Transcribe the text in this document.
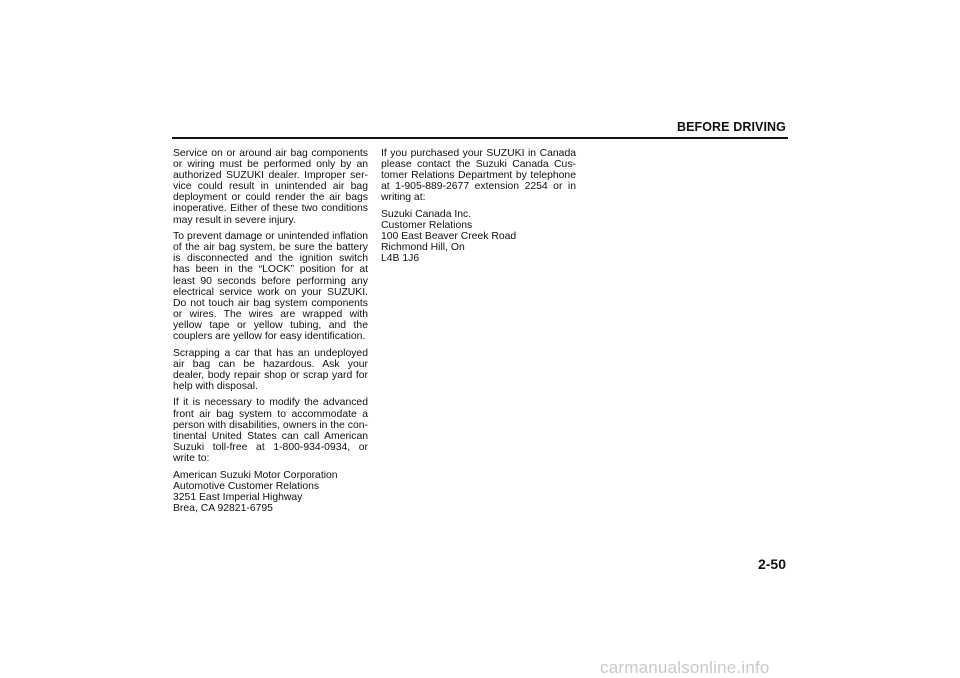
BEFORE DRIVING

Service on or around air bag components or wiring must be performed only by an authorized SUZUKI dealer. Improper service could result in unintended air bag deployment or could render the air bags inoperative. Either of these two conditions may result in severe injury.

To prevent damage or unintended inflation of the air bag system, be sure the battery is disconnected and the ignition switch has been in the “LOCK” position for at least 90 seconds before performing any electrical service work on your SUZUKI. Do not touch air bag system components or wires. The wires are wrapped with yellow tape or yellow tubing, and the couplers are yellow for easy identification.

Scrapping a car that has an undeployed air bag can be hazardous. Ask your dealer, body repair shop or scrap yard for help with disposal.

If it is necessary to modify the advanced front air bag system to accommodate a person with disabilities, owners in the continental United States can call American Suzuki toll-free at 1-800-934-0934, or write to:

American Suzuki Motor Corporation
Automotive Customer Relations
3251 East Imperial Highway
Brea, CA 92821-6795

If you purchased your SUZUKI in Canada please contact the Suzuki Canada Customer Relations Department by telephone at 1-905-889-2677 extension 2254 or in writing at:

Suzuki Canada Inc.
Customer Relations
100 East Beaver Creek Road
Richmond Hill, On
L4B 1J6

2-50
carmanualsonline.info
